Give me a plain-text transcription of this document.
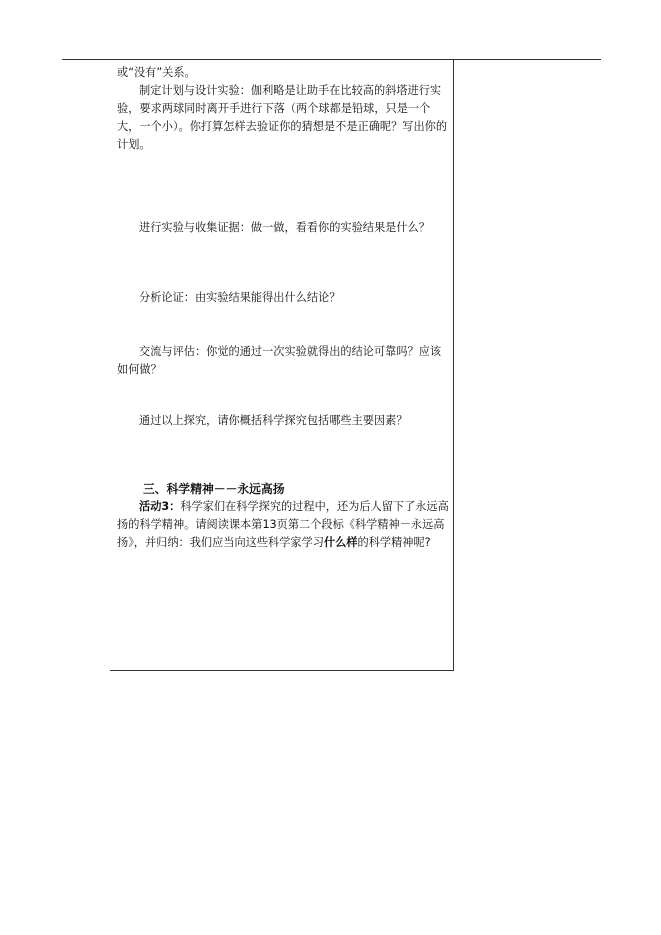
或“没有”关系。

制定计划与设计实验：伽利略是让助手在比较高的斜塔进行实验，要求两球同时离开手进行下落（两个球都是铅球，只是一个大，一个小）。你打算怎样去验证你的猜想是不是正确呢？写出你的计划。

进行实验与收集证据：做一做，看看你的实验结果是什么？

分析论证：由实验结果能得出什么结论？

交流与评估：你觉的通过一次实验就得出的结论可靠吗？应该如何做？

通过以上探究，请你概括科学探究包括哪些主要因素？

三、科学精神－－永远高扬

活动3：科学家们在科学探究的过程中，还为后人留下了永远高扬的科学精神。请阅读课本第13页第二个段标《科学精神－永远高扬》，并归纳：我们应当向这些科学家学习什么样的科学精神呢?
